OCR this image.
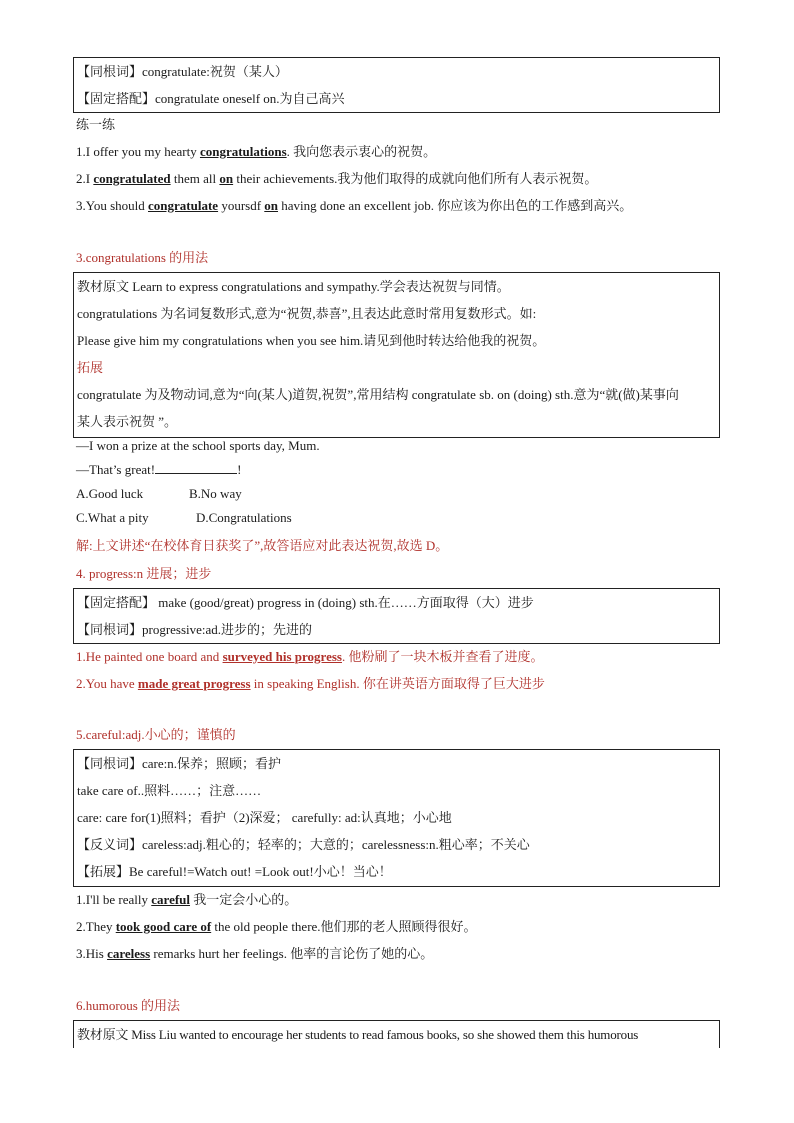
【同根词】congratulate:祝贺（某人）
【固定搭配】congratulate oneself on.为自己高兴
练一练
1.I offer you my hearty congratulations. 我向您表示衷心的祝贺。
2.I congratulated them all on their achievements.我为他们取得的成就向他们所有人表示祝贺。
3.You should congratulate yoursdf on having done an excellent job. 你应该为你出色的工作感到高兴。
3.congratulations 的用法
教材原文 Learn to express congratulations and sympathy.学会表达祝贺与同情。
congratulations 为名词复数形式,意为“祝贺,恭喜”,且表达此意时常用复数形式。如:
Please give him my congratulations when you see him.请见到他时转达给他我的祝贺。
拓展
congratulate 为及物动词,意为“向(某人)道贺,祝贺”,常用结构 congratulate sb. on (doing) sth.意为“就(做)某事向
某人表示祝贺 ”。
—I won a prize at the school sports day, Mum.
—That’s great!	!
A.Good luck	B.No way
C.What a pity	D.Congratulations
解:上文讲述“在校体育日获奖了”,故答语应对此表达祝贺,故选 D。
4. progress:n 进展；进步
【固定搭配】 make (good/great) progress in (doing) sth.在……方面取得（大）进步
【同根词】progressive:ad.进步的；先进的
1.He painted one board and surveyed his progress. 他粉刷了一块木板并查看了进度。
2.You have made great progress in speaking English. 你在讲英语方面取得了巨大进步
5.careful:adj.小心的；谨慎的
【同根词】care:n.保养；照顾；看护
take care of..照料……；注意……
care: care for(1)照料；看护（2)深爱； carefully: ad:认真地；小心地
【反义词】careless:adj.粗心的；轻率的；大意的；carelessness:n.粗心率；不关心
【拓展】Be careful!=Watch out! =Look out!小心！当心！
1.I'll be really careful 我一定会小心的。
2.They took good care of the old people there.他们那的老人照顾得很好。
3.His careless remarks hurt her feelings. 他率的言论伤了她的心。
6.humorous 的用法
教材原文 Miss Liu wanted to encourage her students to read famous books, so she showed them this humorous
